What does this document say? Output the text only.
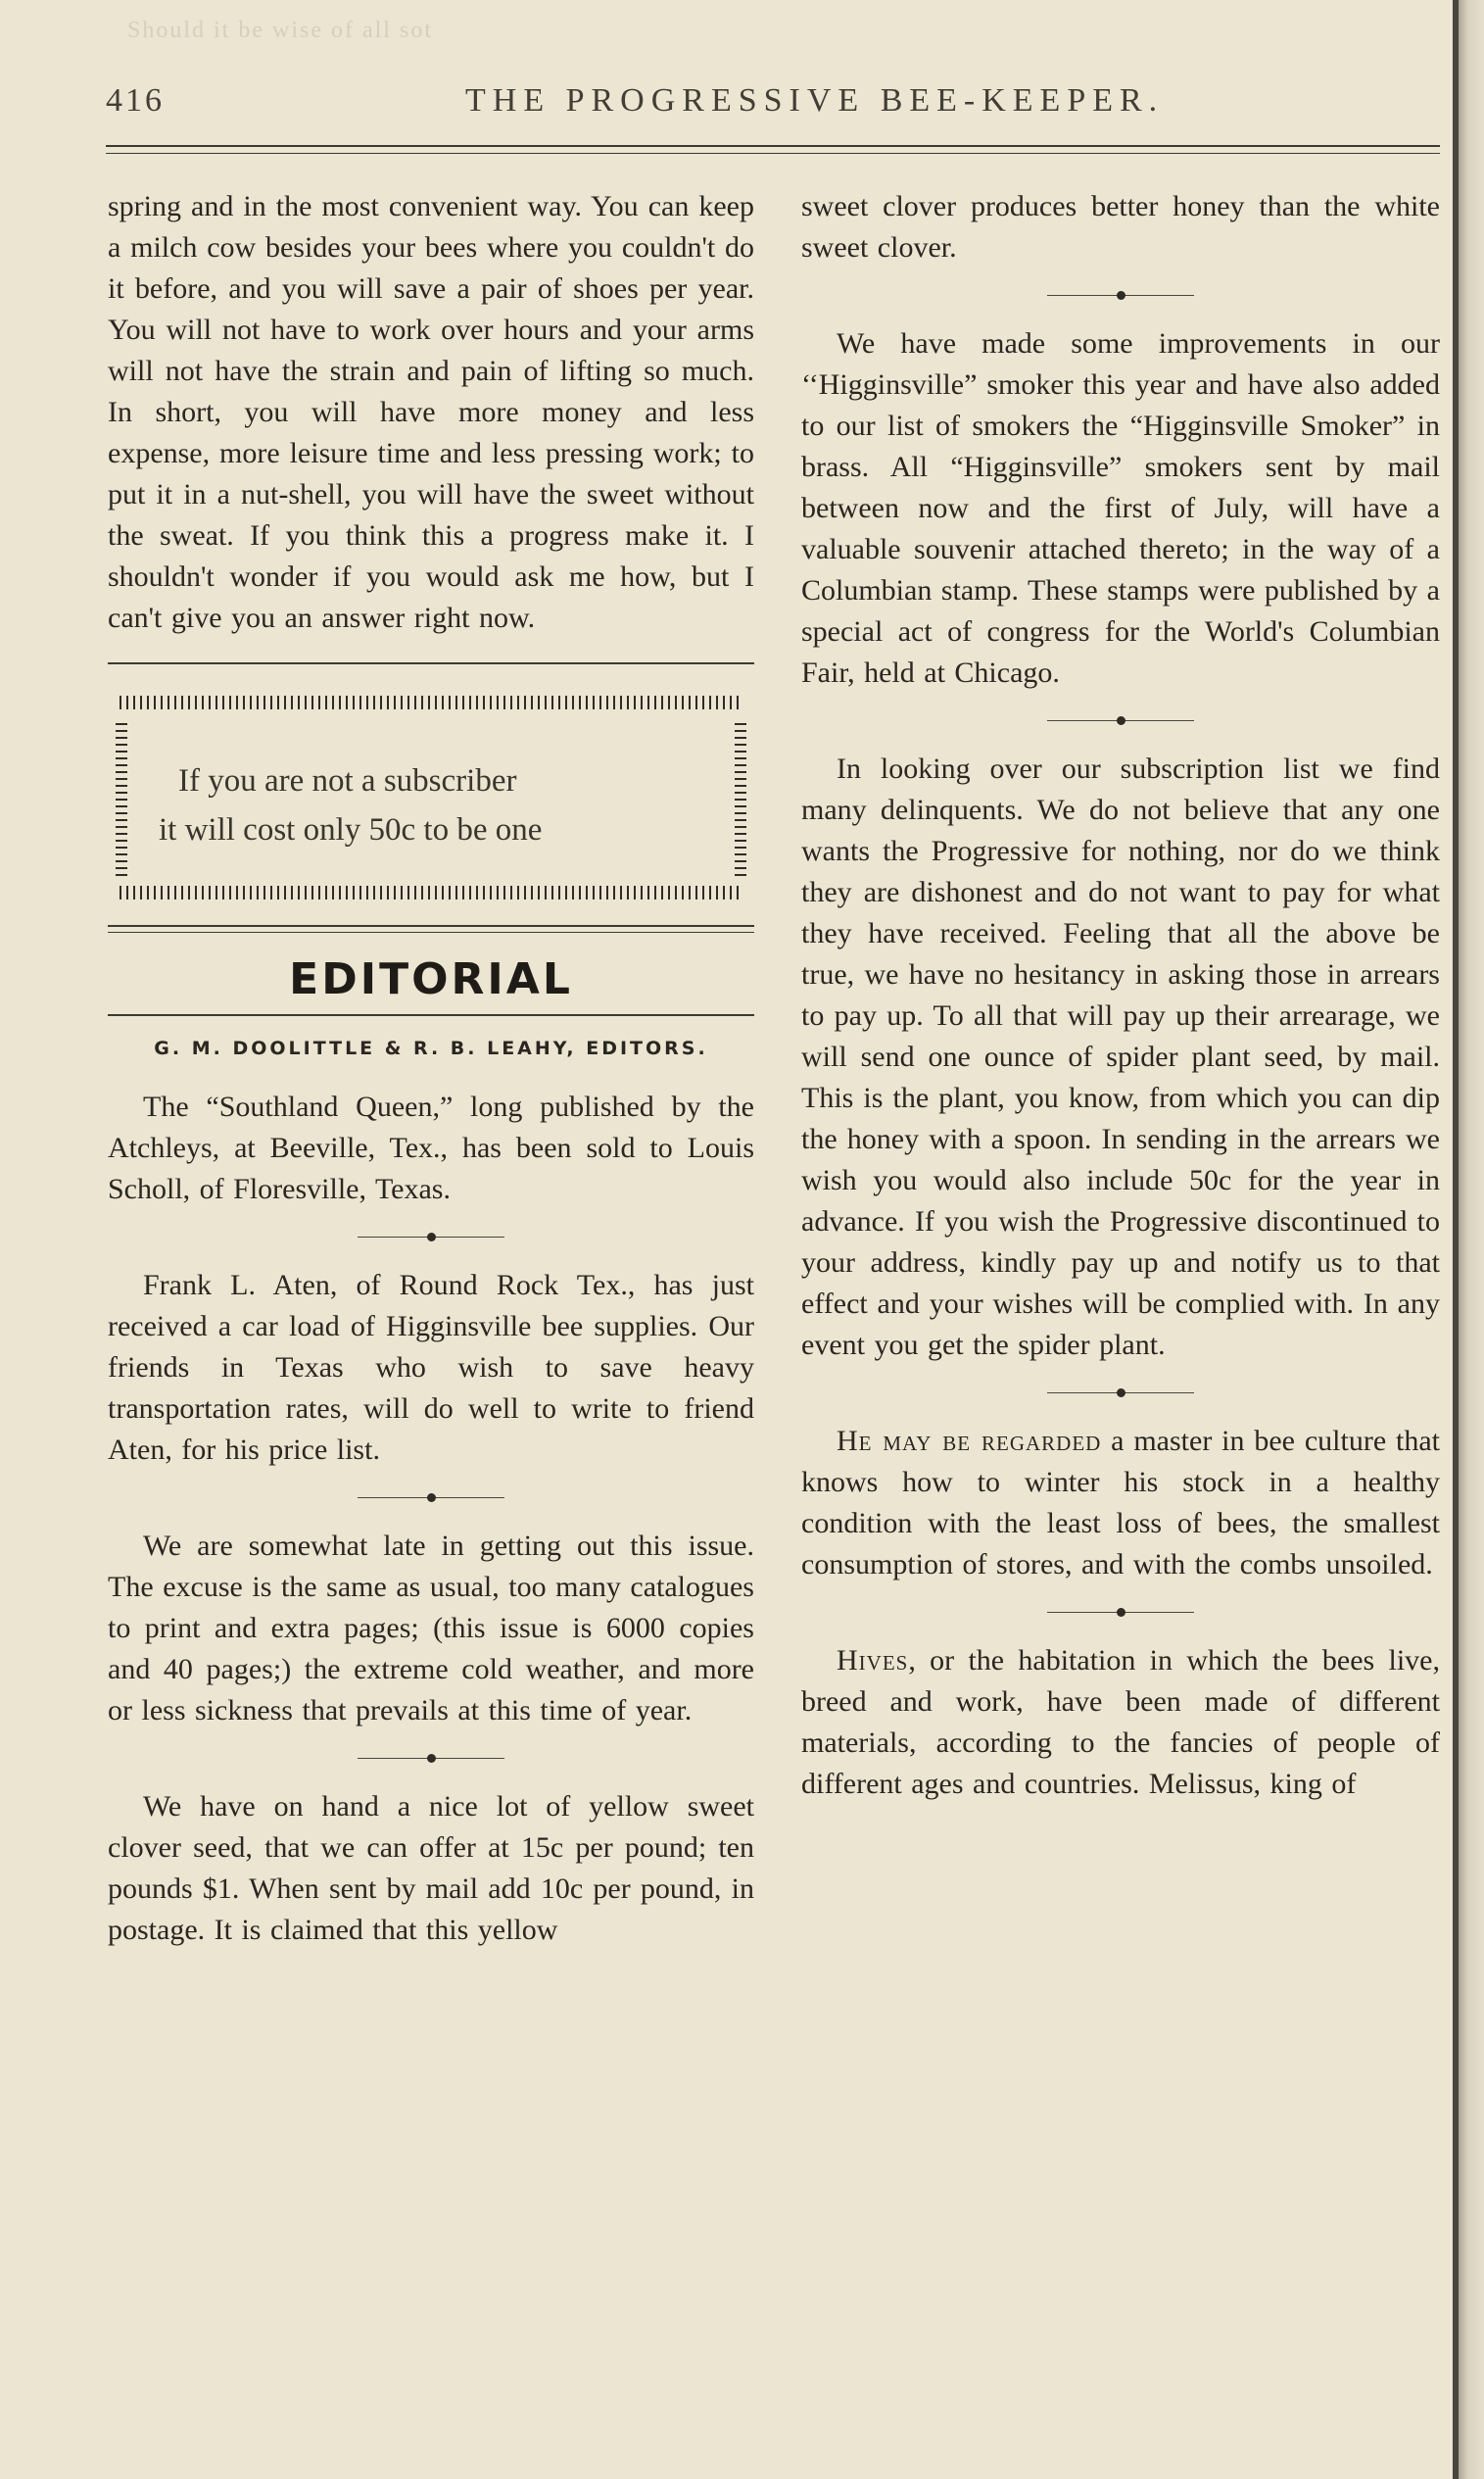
Should it be wise of all sot
416	THE PROGRESSIVE BEE-KEEPER.

spring and in the most convenient way. You can keep a milch cow besides your bees where you couldn't do it before, and you will save a pair of shoes per year. You will not have to work over hours and your arms will not have the strain and pain of lifting so much. In short, you will have more money and less expense, more leisure time and less pressing work; to put it in a nut-shell, you will have the sweet without the sweat. If you think this a progress make it. I shouldn't wonder if you would ask me how, but I can't give you an answer right now.

If you are not a subscriber
it will cost only 50c to be one
EDITORIAL
G. M. DOOLITTLE & R. B. LEAHY, EDITORS.

The “Southland Queen,” long published by the Atchleys, at Beeville, Tex., has been sold to Louis Scholl, of Floresville, Texas.

Frank L. Aten, of Round Rock Tex., has just received a car load of Higginsville bee supplies. Our friends in Texas who wish to save heavy transportation rates, will do well to write to friend Aten, for his price list.

We are somewhat late in getting out this issue. The excuse is the same as usual, too many catalogues to print and extra pages; (this issue is 6000 copies and 40 pages;) the extreme cold weather, and more or less sickness that prevails at this time of year.

We have on hand a nice lot of yellow sweet clover seed, that we can offer at 15c per pound; ten pounds $1. When sent by mail add 10c per pound, in postage. It is claimed that this yellow

sweet clover produces better honey than the white sweet clover.

We have made some improvements in our ‘‘Higginsville” smoker this year and have also added to our list of smokers the “Higginsville Smoker” in brass. All “Higginsville” smokers sent by mail between now and the first of July, will have a valuable souvenir attached thereto; in the way of a Columbian stamp. These stamps were published by a special act of congress for the World's Columbian Fair, held at Chicago.

In looking over our subscription list we find many delinquents. We do not believe that any one wants the Progressive for nothing, nor do we think they are dishonest and do not want to pay for what they have received. Feeling that all the above be true, we have no hesitancy in asking those in arrears to pay up. To all that will pay up their arrearage, we will send one ounce of spider plant seed, by mail. This is the plant, you know, from which you can dip the honey with a spoon. In sending in the arrears we wish you would also include 50c for the year in advance. If you wish the Progressive discontinued to your address, kindly pay up and notify us to that effect and your wishes will be complied with. In any event you get the spider plant.

He may be regarded a master in bee culture that knows how to winter his stock in a healthy condition with the least loss of bees, the smallest consumption of stores, and with the combs unsoiled.

Hives, or the habitation in which the bees live, breed and work, have been made of different materials, according to the fancies of people of different ages and countries. Melissus, king of
